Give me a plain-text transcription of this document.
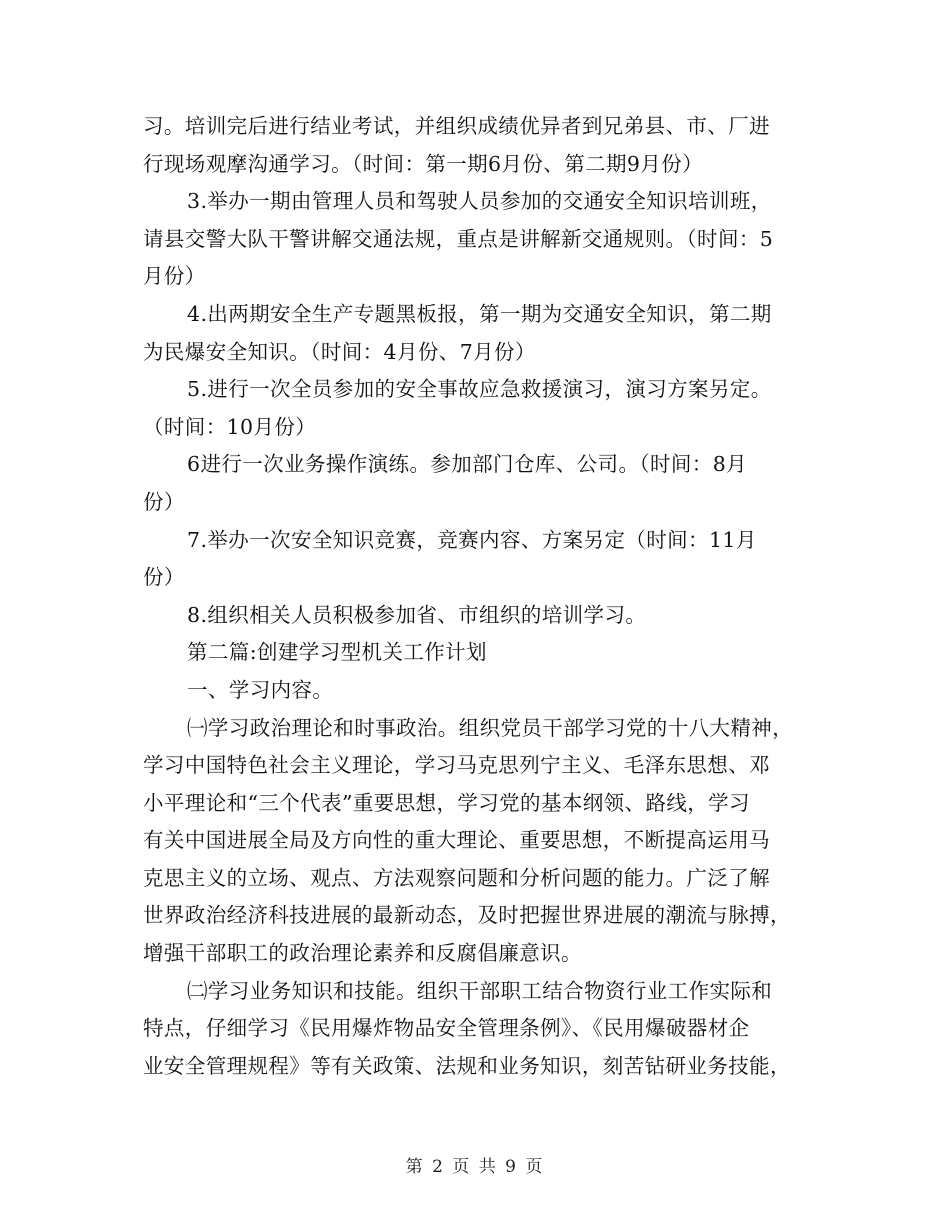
习。培训完后进行结业考试，并组织成绩优异者到兄弟县、市、厂进
行现场观摩沟通学习。（时间：第一期6月份、第二期9月份）
3.举办一期由管理人员和驾驶人员参加的交通安全知识培训班，
请县交警大队干警讲解交通法规，重点是讲解新交通规则。（时间：5
月份）
4.出两期安全生产专题黑板报，第一期为交通安全知识，第二期
为民爆安全知识。（时间：4月份、7月份）
5.进行一次全员参加的安全事故应急救援演习，演习方案另定。
（时间：10月份）
6进行一次业务操作演练。参加部门仓库、公司。（时间：8月
份）
7.举办一次安全知识竞赛，竞赛内容、方案另定（时间：11月
份）
8.组织相关人员积极参加省、市组织的培训学习。
第二篇:创建学习型机关工作计划
一、学习内容。
㈠学习政治理论和时事政治。组织党员干部学习党的十八大精神，
学习中国特色社会主义理论，学习马克思列宁主义、毛泽东思想、邓
小平理论和“三个代表”重要思想，学习党的基本纲领、路线，学习
有关中国进展全局及方向性的重大理论、重要思想，不断提高运用马
克思主义的立场、观点、方法观察问题和分析问题的能力。广泛了解
世界政治经济科技进展的最新动态，及时把握世界进展的潮流与脉搏，
增强干部职工的政治理论素养和反腐倡廉意识。
㈡学习业务知识和技能。组织干部职工结合物资行业工作实际和
特点，仔细学习《民用爆炸物品安全管理条例》、《民用爆破器材企
业安全管理规程》等有关政策、法规和业务知识，刻苦钻研业务技能，
第 2 页 共 9 页
